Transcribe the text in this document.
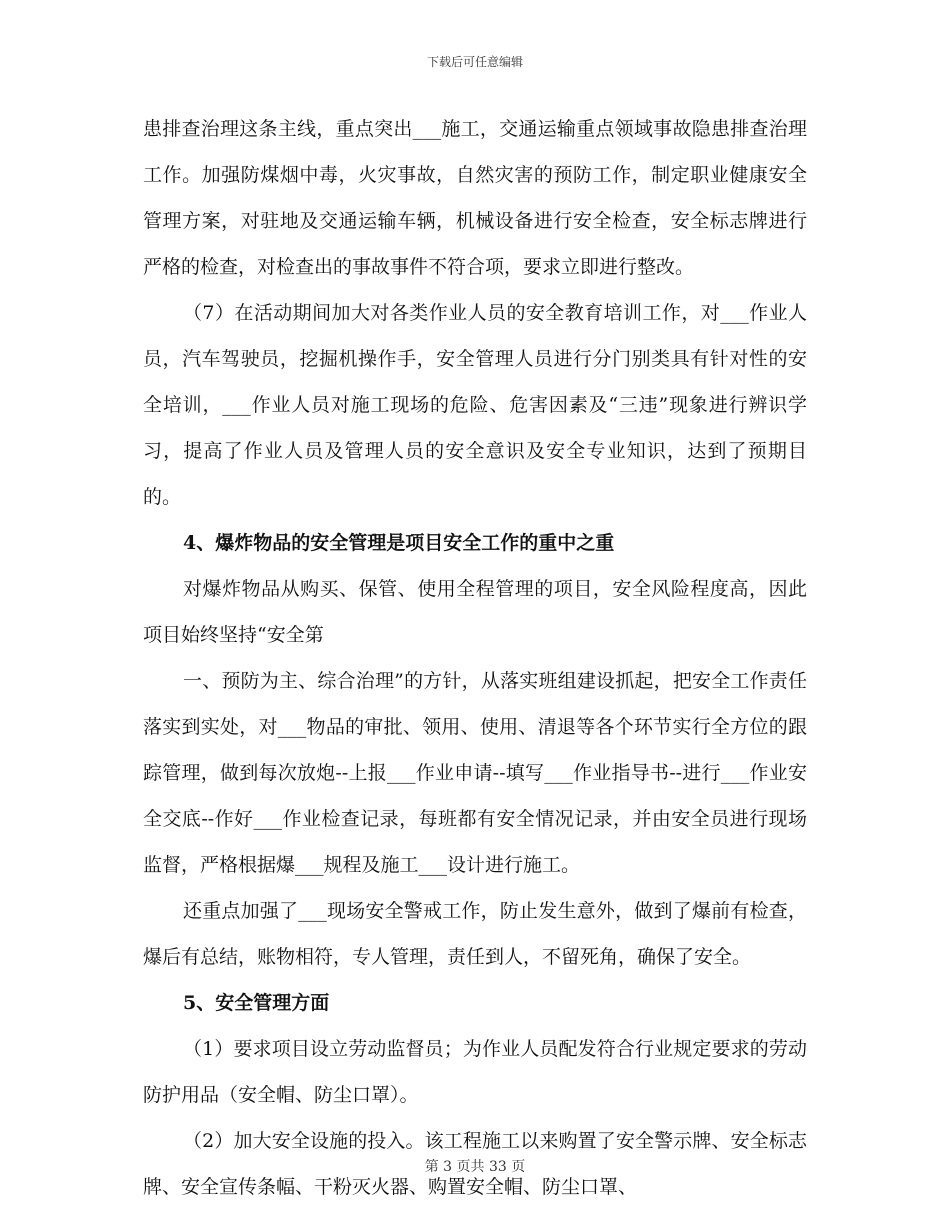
下载后可任意编辑

患排查治理这条主线，重点突出___施工，交通运输重点领域事故隐患排查治理工作。加强防煤烟中毒，火灾事故，自然灾害的预防工作，制定职业健康安全管理方案，对驻地及交通运输车辆，机械设备进行安全检查，安全标志牌进行严格的检查，对检查出的事故事件不符合项，要求立即进行整改。

（7）在活动期间加大对各类作业人员的安全教育培训工作，对___作业人员，汽车驾驶员，挖掘机操作手，安全管理人员进行分门别类具有针对性的安全培训，___作业人员对施工现场的危险、危害因素及“三违”现象进行辨识学习，提高了作业人员及管理人员的安全意识及安全专业知识，达到了预期目的。

4、爆炸物品的安全管理是项目安全工作的重中之重

对爆炸物品从购买、保管、使用全程管理的项目，安全风险程度高，因此项目始终坚持“安全第

一、预防为主、综合治理”的方针，从落实班组建设抓起，把安全工作责任落实到实处，对___物品的审批、领用、使用、清退等各个环节实行全方位的跟踪管理，做到每次放炮--上报___作业申请--填写___作业指导书--进行___作业安全交底--作好___作业检查记录，每班都有安全情况记录，并由安全员进行现场监督，严格根据爆___规程及施工___设计进行施工。

还重点加强了___现场安全警戒工作，防止发生意外，做到了爆前有检查，爆后有总结，账物相符，专人管理，责任到人，不留死角，确保了安全。

5、安全管理方面

（1）要求项目设立劳动监督员；为作业人员配发符合行业规定要求的劳动防护用品（安全帽、防尘口罩）。

（2）加大安全设施的投入。该工程施工以来购置了安全警示牌、安全标志牌、安全宣传条幅、干粉灭火器、购置安全帽、防尘口罩、

第 3 页共 33 页
